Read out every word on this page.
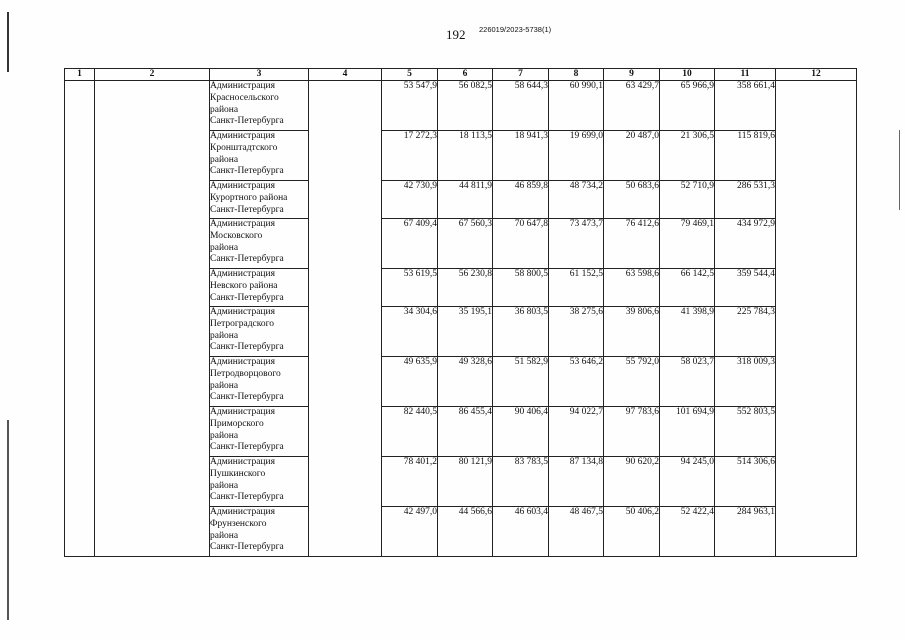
192 226019/2023-5738(1)
1	2	3	4	5	6	7	8	9	10	11	12

		Администрация
Красносельского
района
Санкт-Петербурга		53 547,9	56 082,5	58 644,3	60 990,1	63 429,7	65 966,9	358 661,4	

		Администрация
Кронштадтского
района
Санкт-Петербурга		17 272,3	18 113,5	18 941,3	19 699,0	20 487,0	21 306,5	115 819,6	

		Администрация
Курортного района
Санкт-Петербурга		42 730,9	44 811,9	46 859,8	48 734,2	50 683,6	52 710,9	286 531,3	

		Администрация
Московского
района
Санкт-Петербурга		67 409,4	67 560,3	70 647,8	73 473,7	76 412,6	79 469,1	434 972,9	

		Администрация
Невского района
Санкт-Петербурга		53 619,5	56 230,8	58 800,5	61 152,5	63 598,6	66 142,5	359 544,4	

		Администрация
Петроградского
района
Санкт-Петербурга		34 304,6	35 195,1	36 803,5	38 275,6	39 806,6	41 398,9	225 784,3	

		Администрация
Петродворцового
района
Санкт-Петербурга		49 635,9	49 328,6	51 582,9	53 646,2	55 792,0	58 023,7	318 009,3	

		Администрация
Приморского
района
Санкт-Петербурга		82 440,5	86 455,4	90 406,4	94 022,7	97 783,6	101 694,9	552 803,5	

		Администрация
Пушкинского
района
Санкт-Петербурга		78 401,2	80 121,9	83 783,5	87 134,8	90 620,2	94 245,0	514 306,6	

		Администрация
Фрунзенского
района
Санкт-Петербурга		42 497,0	44 566,6	46 603,4	48 467,5	50 406,2	52 422,4	284 963,1	
